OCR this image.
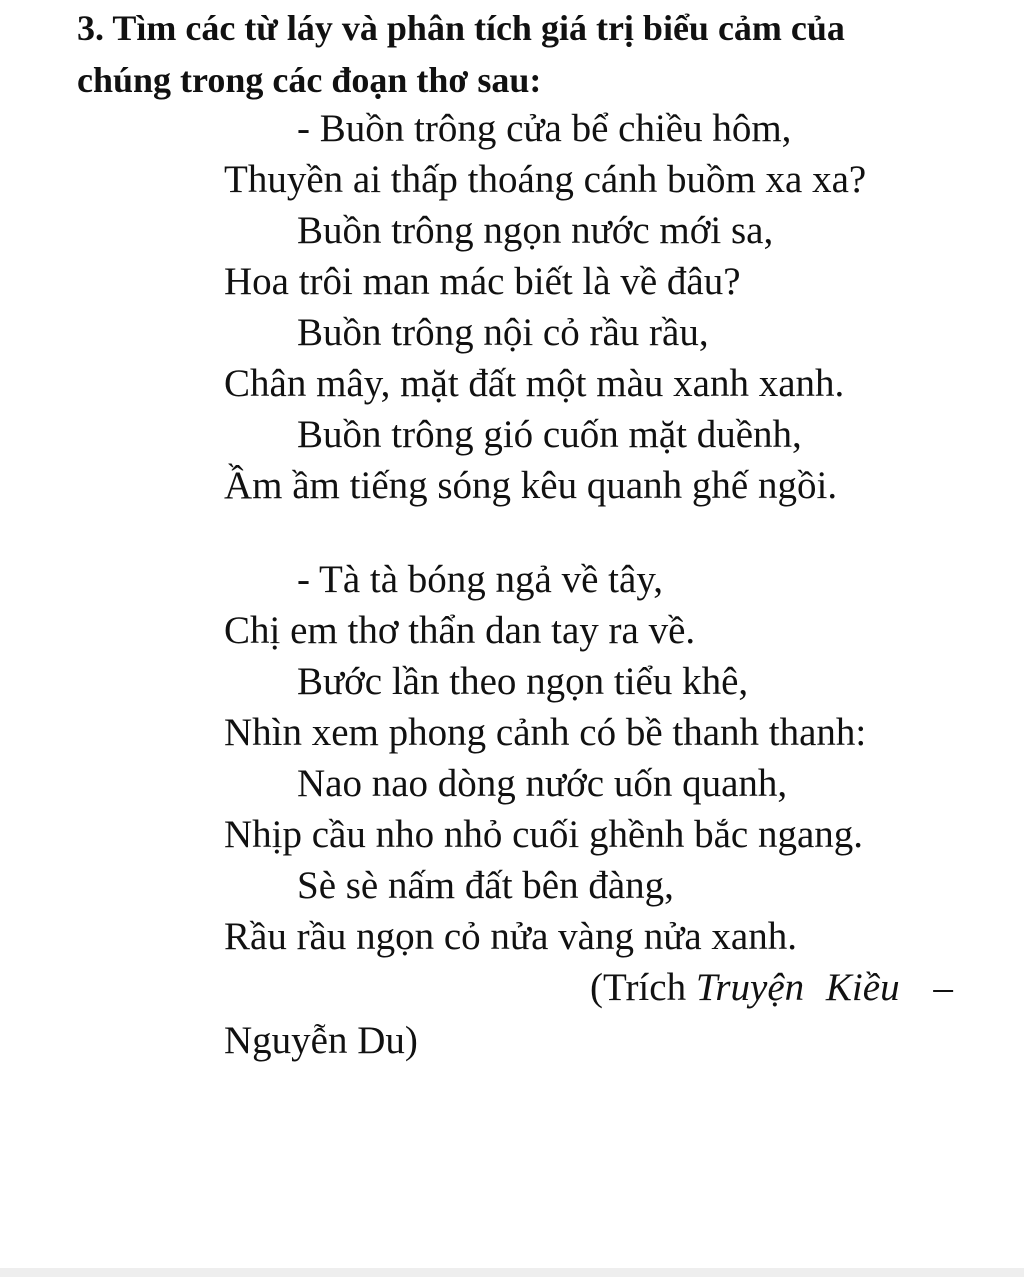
3. Tìm các từ láy và phân tích giá trị biểu cảm của
chúng trong các đoạn thơ sau:
- Buồn trông cửa bể chiều hôm,
Thuyền ai thấp thoáng cánh buồm xa xa?
Buồn trông ngọn nước mới sa,
Hoa trôi man mác biết là về đâu?
Buồn trông nội cỏ rầu rầu,
Chân mây, mặt đất một màu xanh xanh.
Buồn trông gió cuốn mặt duềnh,
Ầm ầm tiếng sóng kêu quanh ghế ngồi.
- Tà tà bóng ngả về tây,
Chị em thơ thẩn dan tay ra về.
Bước lần theo ngọn tiểu khê,
Nhìn xem phong cảnh có bề thanh thanh:
Nao nao dòng nước uốn quanh,
Nhịp cầu nho nhỏ cuối ghềnh bắc ngang.
Sè sè nấm đất bên đàng,
Rầu rầu ngọn cỏ nửa vàng nửa xanh.

(Trích Truyện Kiều –

Nguyễn Du)
